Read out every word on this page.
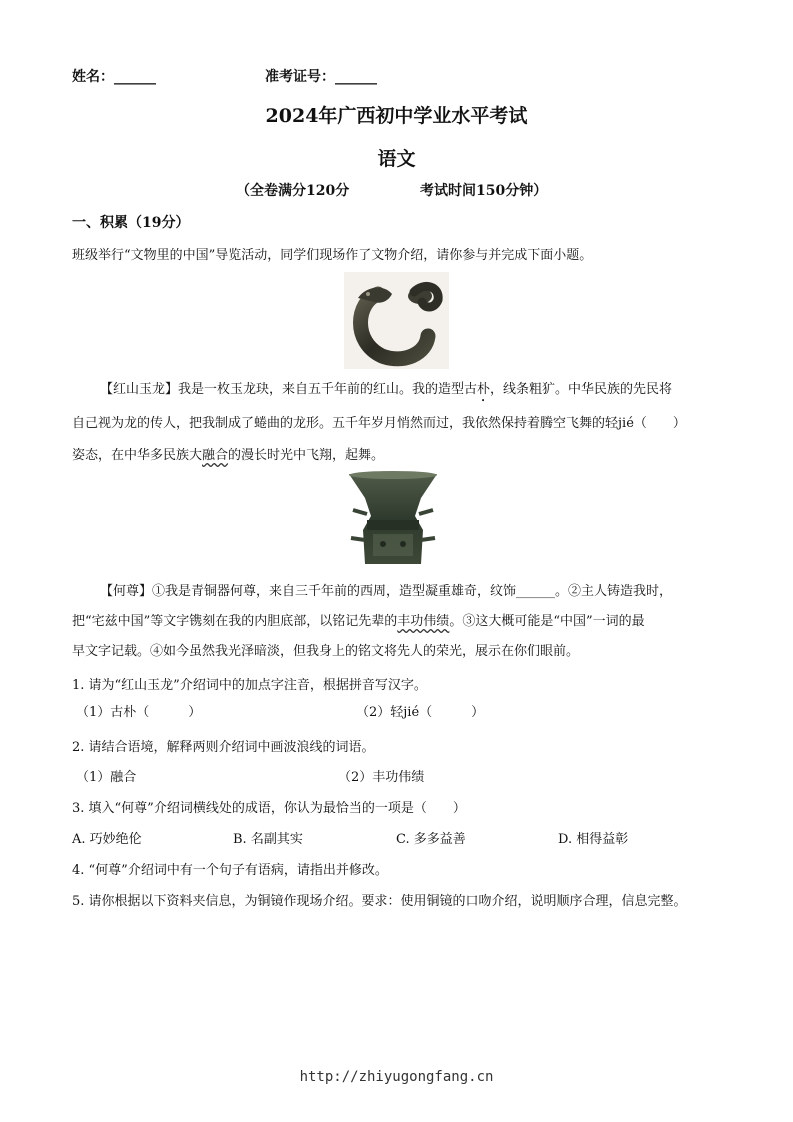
姓名：______	准考证号：______
2024年广西初中学业水平考试
语文
（全卷满分120分	考试时间150分钟）
一、积累（19分）
班级举行“文物里的中国”导览活动，同学们现场作了文物介绍，请你参与并完成下面小题。
【红山玉龙】我是一枚玉龙玦，来自五千年前的红山。我的造型古朴，线条粗犷。中华民族的先民将
自己视为龙的传人，把我制成了蜷曲的龙形。五千年岁月悄然而过，我依然保持着腾空飞舞的轻jié（　　）
姿态，在中华多民族大融合的漫长时光中飞翔，起舞。
【何尊】①我是青铜器何尊，来自三千年前的西周，造型凝重雄奇，纹饰______。②主人铸造我时，
把“宅兹中国”等文字镌刻在我的内胆底部，以铭记先辈的丰功伟绩。③这大概可能是“中国”一词的最
早文字记载。④如今虽然我光泽暗淡，但我身上的铭文将先人的荣光，展示在你们眼前。
1. 请为“红山玉龙”介绍词中的加点字注音，根据拼音写汉字。
（1）古朴（　　　）	（2）轻jié（　　　）
2. 请结合语境，解释两则介绍词中画波浪线的词语。
（1）融合	（2）丰功伟绩
3. 填入“何尊”介绍词横线处的成语，你认为最恰当的一项是（　　）
A. 巧妙绝伦	B. 名副其实	C. 多多益善	D. 相得益彰
4. “何尊”介绍词中有一个句子有语病，请指出并修改。
5. 请你根据以下资料夹信息，为铜镜作现场介绍。要求：使用铜镜的口吻介绍，说明顺序合理，信息完整。
http://zhiyugongfang.cn
